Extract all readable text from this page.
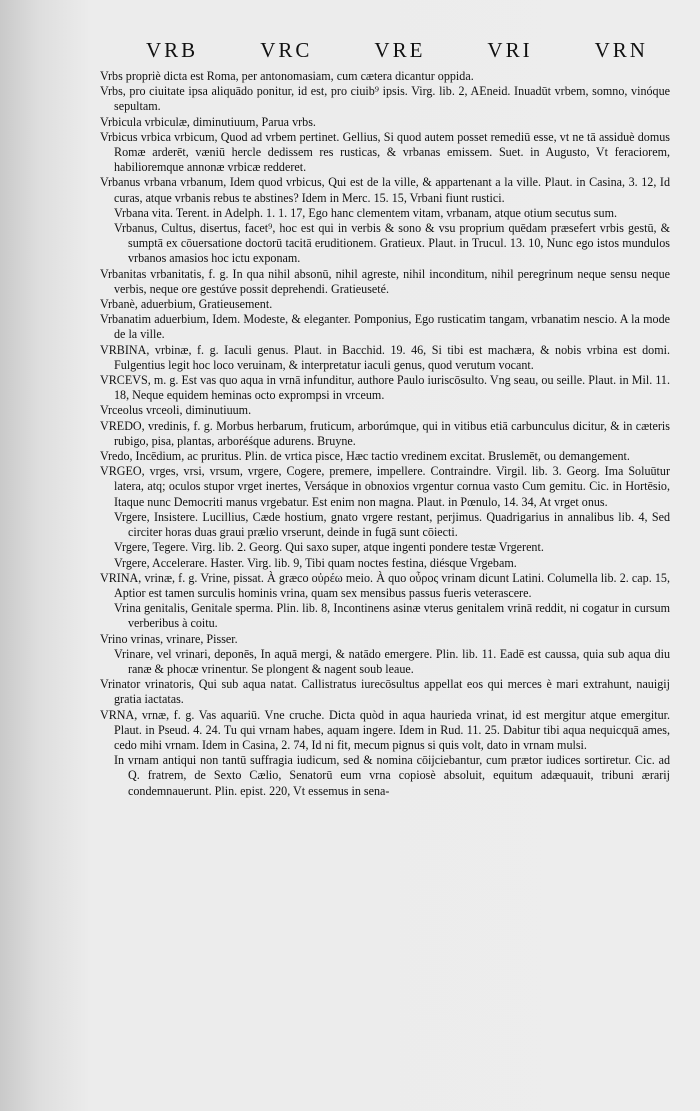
VRB	VRC	VRE	VRI	VRN

Vrbs propriè dicta est Roma, per antonomasiam, cum cætera dicantur oppida.

Vrbs, pro ciuitate ipsa aliquādo ponitur, id est, pro ciuib⁹ ipsis. Virg. lib. 2, AEneid. Inuadūt vrbem, somno, vinóque sepultam.

Vrbicula vrbiculæ, diminutiuum, Parua vrbs.

Vrbicus vrbica vrbicum, Quod ad vrbem pertinet. Gellius, Si quod autem posset remediū esse, vt ne tā assiduè domus Romæ arderēt, væniū hercle dedissem res rusticas, & vrbanas emissem. Suet. in Augusto, Vt feraciorem, habilioremque annonæ vrbicæ redderet.

Vrbanus vrbana vrbanum, Idem quod vrbicus, Qui est de la ville, & appartenant a la ville. Plaut. in Casina, 3. 12, Id curas, atque vrbanis rebus te abstines? Idem in Merc. 15. 15, Vrbani fiunt rustici.

Vrbana vita. Terent. in Adelph. 1. 1. 17, Ego hanc clementem vitam, vrbanam, atque otium secutus sum.

Vrbanus, Cultus, disertus, facet⁹, hoc est qui in verbis & sono & vsu proprium quēdam præsefert vrbis gestū, & sumptā ex cōuersatione doctorū tacitā eruditionem. Gratieux. Plaut. in Trucul. 13. 10, Nunc ego istos mundulos vrbanos amasios hoc ictu exponam.

Vrbanitas vrbanitatis, f. g. In qua nihil absonū, nihil agreste, nihil inconditum, nihil peregrinum neque sensu neque verbis, neque ore gestúve possit deprehendi. Gratieuseté.

Vrbanè, aduerbium, Gratieusement.

Vrbanatim aduerbium, Idem. Modeste, & eleganter. Pomponius, Ego rusticatim tangam, vrbanatim nescio. A la mode de la ville.

VRBINA, vrbinæ, f. g. Iaculi genus. Plaut. in Bacchid. 19. 46, Si tibi est machæra, & nobis vrbina est domi. Fulgentius legit hoc loco veruinam, & interpretatur iaculi genus, quod verutum vocant.

VRCEVS, m. g. Est vas quo aqua in vrnā infunditur, authore Paulo iuriscōsulto. Vng seau, ou seille. Plaut. in Mil. 11. 18, Neque equidem heminas octo exprompsi in vrceum.

Vrceolus vrceoli, diminutiuum.

VREDO, vredinis, f. g. Morbus herbarum, fruticum, arborúmque, qui in vitibus etiā carbunculus dicitur, & in cæteris rubigo, pisa, plantas, arboréśque adurens. Bruyne.

Vredo, Incēdium, ac pruritus. Plin. de vrtica pisce, Hæc tactio vredinem excitat. Bruslemēt, ou demangement.

VRGEO, vrges, vrsi, vrsum, vrgere, Cogere, premere, impellere. Contraindre. Virgil. lib. 3. Georg. Ima Soluūtur latera, atq; oculos stupor vrget inertes, Versáque in obnoxios vrgentur cornua vasto Cum gemitu. Cic. in Hortēsio, Itaque nunc Democriti manus vrgebatur. Est enim non magna. Plaut. in Pœnulo, 14. 34, At vrget onus.

Vrgere, Insistere. Lucillius, Cæde hostium, gnato vrgere restant, perjimus. Quadrigarius in annalibus lib. 4, Sed circiter horas duas graui prælio vrserunt, deinde in fugā sunt cōiecti.

Vrgere, Tegere. Virg. lib. 2. Georg. Qui saxo super, atque ingenti pondere testæ Vrgerent.

Vrgere, Accelerare. Haster. Virg. lib. 9, Tibi quam noctes festina, diésque Vrgebam.

VRINA, vrinæ, f. g. Vrine, pissat. À græco οὐρέω meio. À quo οὖρος vrinam dicunt Latini. Columella lib. 2. cap. 15, Aptior est tamen surculis hominis vrina, quam sex mensibus passus fueris veterascere.

Vrina genitalis, Genitale sperma. Plin. lib. 8, Incontinens asinæ vterus genitalem vrinā reddit, ni cogatur in cursum verberibus à coitu.

Vrino vrinas, vrinare, Pisser.

Vrinare, vel vrinari, deponēs, In aquā mergi, & natādo emergere. Plin. lib. 11. Eadē est caussa, quia sub aqua diu ranæ & phocæ vrinentur. Se plongent & nagent soub leaue.

Vrinator vrinatoris, Qui sub aqua natat. Callistratus iurecōsultus appellat eos qui merces è mari extrahunt, nauigij gratia iactatas.

VRNA, vrnæ, f. g. Vas aquariū. Vne cruche. Dicta quòd in aqua haurieda vrinat, id est mergitur atque emergitur. Plaut. in Pseud. 4. 24. Tu qui vrnam habes, aquam ingere. Idem in Rud. 11. 25. Dabitur tibi aqua nequicquā ames, cedo mihi vrnam. Idem in Casina, 2. 74, Id ni fit, mecum pignus si quis volt, dato in vrnam mulsi.

In vrnam antiqui non tantū suffragia iudicum, sed & nomina cōijciebantur, cum prætor iudices sortiretur. Cic. ad Q. fratrem, de Sexto Cælio, Senatorū eum vrna copiosè absoluit, equitum adæquauit, tribuni ærarij condemnauerunt. Plin. epist. 220, Vt essemus in sena-
